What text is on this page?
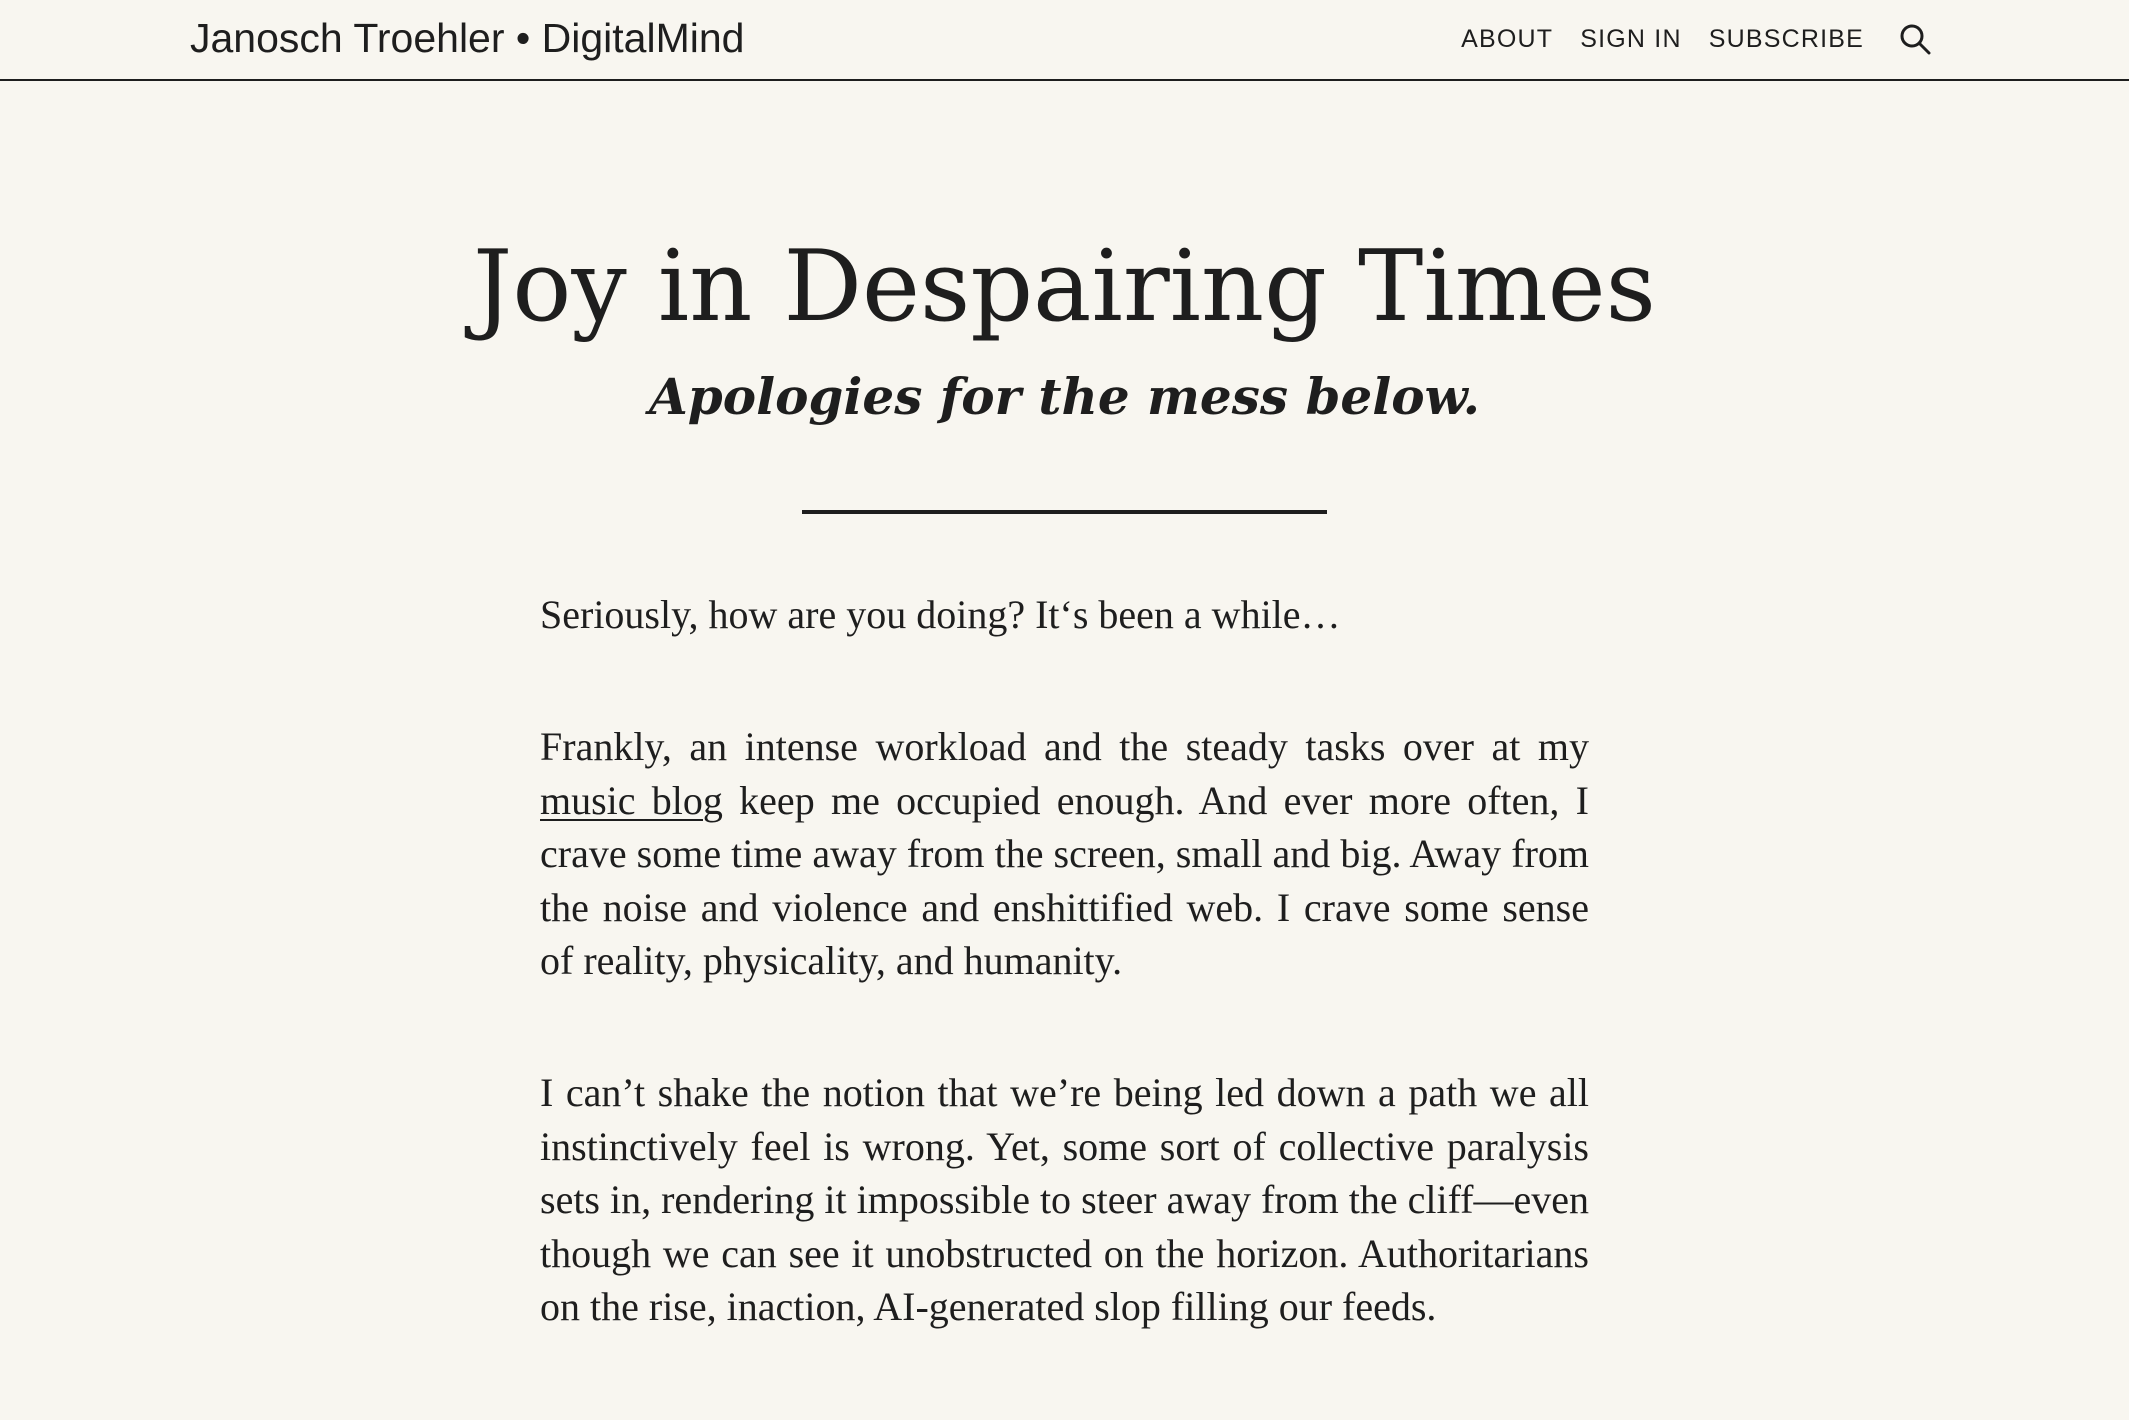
Janosch Troehler • DigitalMind	ABOUT SIGN IN SUBSCRIBE
Joy in Despairing Times
Apologies for the mess below.

Seriously, how are you doing? It‘s been a while…

Frankly, an intense workload and the steady tasks over at my music blog keep me occupied enough. And ever more often, I crave some time away from the screen, small and big. Away from the noise and violence and enshittified web. I crave some sense of reality, physicality, and humanity.

I can’t shake the notion that we’re being led down a path we all instinctively feel is wrong. Yet, some sort of collective paralysis sets in, rendering it impossible to steer away from the cliff—even though we can see it unobstructed on the horizon. Authoritarians on the rise, inaction, AI-generated slop filling our feeds.
